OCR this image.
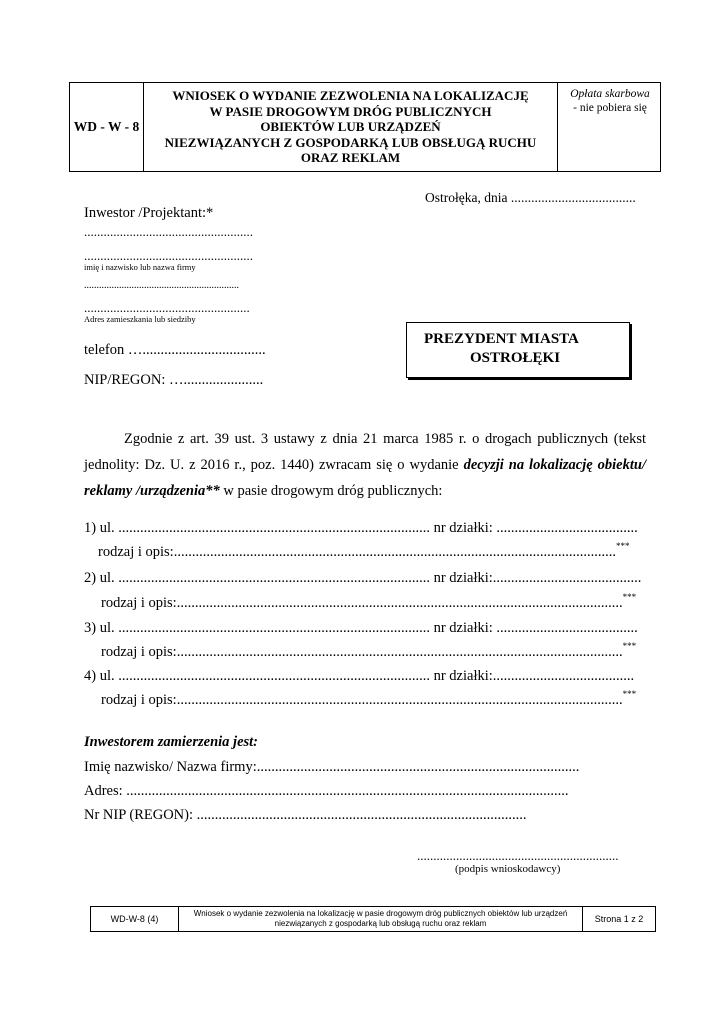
WD - W - 8
WNIOSEK O WYDANIE ZEZWOLENIA NA LOKALIZACJĘ
W PASIE DROGOWYM DRÓG PUBLICZNYCH
OBIEKTÓW LUB URZĄDZEŃ
NIEZWIĄZANYCH Z GOSPODARKĄ LUB OBSŁUGĄ RUCHU
ORAZ REKLAM
Opłata skarbowa
- nie pobiera się
Ostrołęka, dnia .....................................
Inwestor /Projektant:*
....................................................
....................................................
imię i nazwisko lub nazwa firmy
..............................................................
...................................................
Adres zamieszkania lub siedziby
telefon …..................................
NIP/REGON: …......................
PREZYDENT MIASTA
OSTROŁĘKI
Zgodnie z art. 39 ust. 3 ustawy z dnia 21 marca 1985 r. o drogach publicznych (tekst jednolity: Dz. U. z 2016 r., poz. 1440) zwracam się o wydanie decyzji na lokalizację obiektu/ reklamy /urządzenia** w pasie drogowym dróg publicznych:
1) ul. ...................................................................................... nr działki: .......................................
rodzaj i opis:..........................................................................................................................***
2) ul. ...................................................................................... nr działki:.........................................
rodzaj i opis:...........................................................................................................................***
3) ul. ...................................................................................... nr działki: .......................................
rodzaj i opis:...........................................................................................................................***
4) ul. ...................................................................................... nr działki:.......................................
rodzaj i opis:...........................................................................................................................***
Inwestorem zamierzenia jest:
Imię nazwisko/ Nazwa firmy:.........................................................................................
Adres: ..........................................................................................................................
Nr NIP (REGON): ...........................................................................................
..............................................................
(podpis wnioskodawcy)
WD-W-8 (4)
Wniosek o wydanie zezwolenia na lokalizację w pasie drogowym dróg publicznych obiektów lub urządzeń
niezwiązanych z gospodarką lub obsługą ruchu oraz reklam	Strona 1 z 2
